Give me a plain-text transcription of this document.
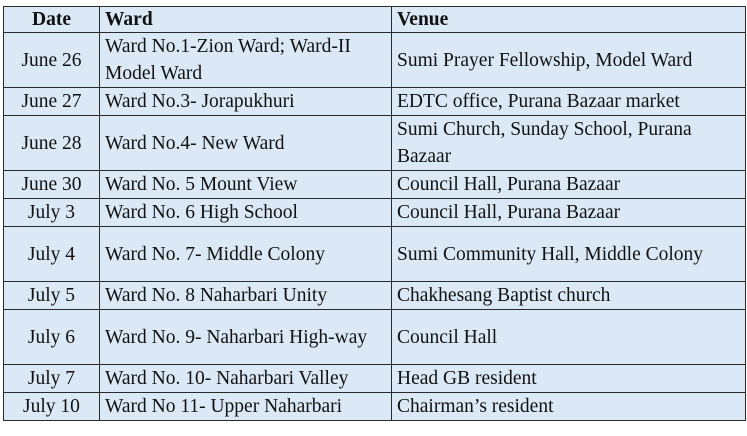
Date	Ward	Venue
June 26	Ward No.1-Zion Ward; Ward-II Model Ward	Sumi Prayer Fellowship, Model Ward
June 27	Ward No.3- Jorapukhuri	EDTC office, Purana Bazaar market
June 28	Ward No.4- New Ward	Sumi Church, Sunday School, Purana Bazaar
June 30	Ward No. 5 Mount View	Council Hall, Purana Bazaar
July 3	Ward No. 6 High School	Council Hall, Purana Bazaar
July 4	Ward No. 7- Middle Colony	Sumi Community Hall, Middle Colony
July 5	Ward No. 8 Naharbari Unity	Chakhesang Baptist church
July 6	Ward No. 9- Naharbari High-way	Council Hall
July 7	Ward No. 10- Naharbari Valley	Head GB resident
July 10	Ward No 11- Upper Naharbari	Chairman’s resident
